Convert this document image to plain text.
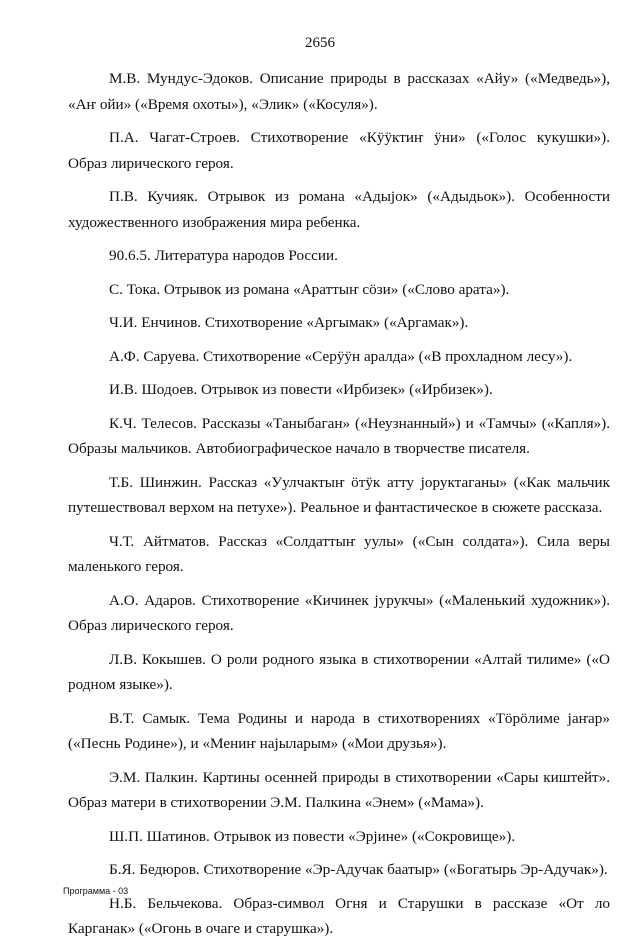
2656

М.В. Мундус-Эдоков. Описание природы в рассказах «Айу» («Медведь»), «Аҥ ойи» («Время охоты»), «Элик» («Косуля»).

П.А. Чагат-Строев. Стихотворение «Кӱӱктиҥ ӱни» («Голос кукушки»). Образ лирического героя.

П.В. Кучияк. Отрывок из романа «Адыјок» («Адыдьок»). Особенности художественного изображения мира ребенка.

90.6.5. Литература народов России.

С. Тока. Отрывок из романа «Араттыҥ сӧзи» («Слово арата»).

Ч.И. Енчинов. Стихотворение «Аргымак» («Аргамак»).

А.Ф. Саруева. Стихотворение «Серӱӱн аралда» («В прохладном лесу»).

И.В. Шодоев. Отрывок из повести «Ирбизек» («Ирбизек»).

К.Ч. Телесов. Рассказы «Таныбаган» («Неузнанный») и «Тамчы» («Капля»). Образы мальчиков. Автобиографическое начало в творчестве писателя.

Т.Б. Шинжин. Рассказ «Уулчактыҥ ӧтӱк атту јоруктаганы» («Как мальчик путешествовал верхом на петухе»). Реальное и фантастическое в сюжете рассказа.

Ч.Т. Айтматов. Рассказ «Солдаттыҥ уулы» («Сын солдата»). Сила веры маленького героя.

А.О. Адаров. Стихотворение «Кичинек јурукчы» («Маленький художник»). Образ лирического героя.

Л.В. Кокышев. О роли родного языка в стихотворении «Алтай тилиме» («О родном языке»).

В.Т. Самык. Тема Родины и народа в стихотворениях «Тӧрӧлиме јаҥар» («Песнь Родине»), и «Мениҥ најыларым» («Мои друзья»).

Э.М. Палкин. Картины осенней природы в стихотворении «Сары киштейт». Образ матери в стихотворении Э.М. Палкина «Энем» («Мама»).

Ш.П. Шатинов. Отрывок из повести «Эрјине» («Сокровище»).

Б.Я. Бедюров. Стихотворение «Эр-Адучак баатыр» («Богатырь Эр-Адучак»).

Н.Б. Бельчекова. Образ-символ Огня и Старушки в рассказе «От ло Карганак» («Огонь в очаге и старушка»).

Программа - 03
